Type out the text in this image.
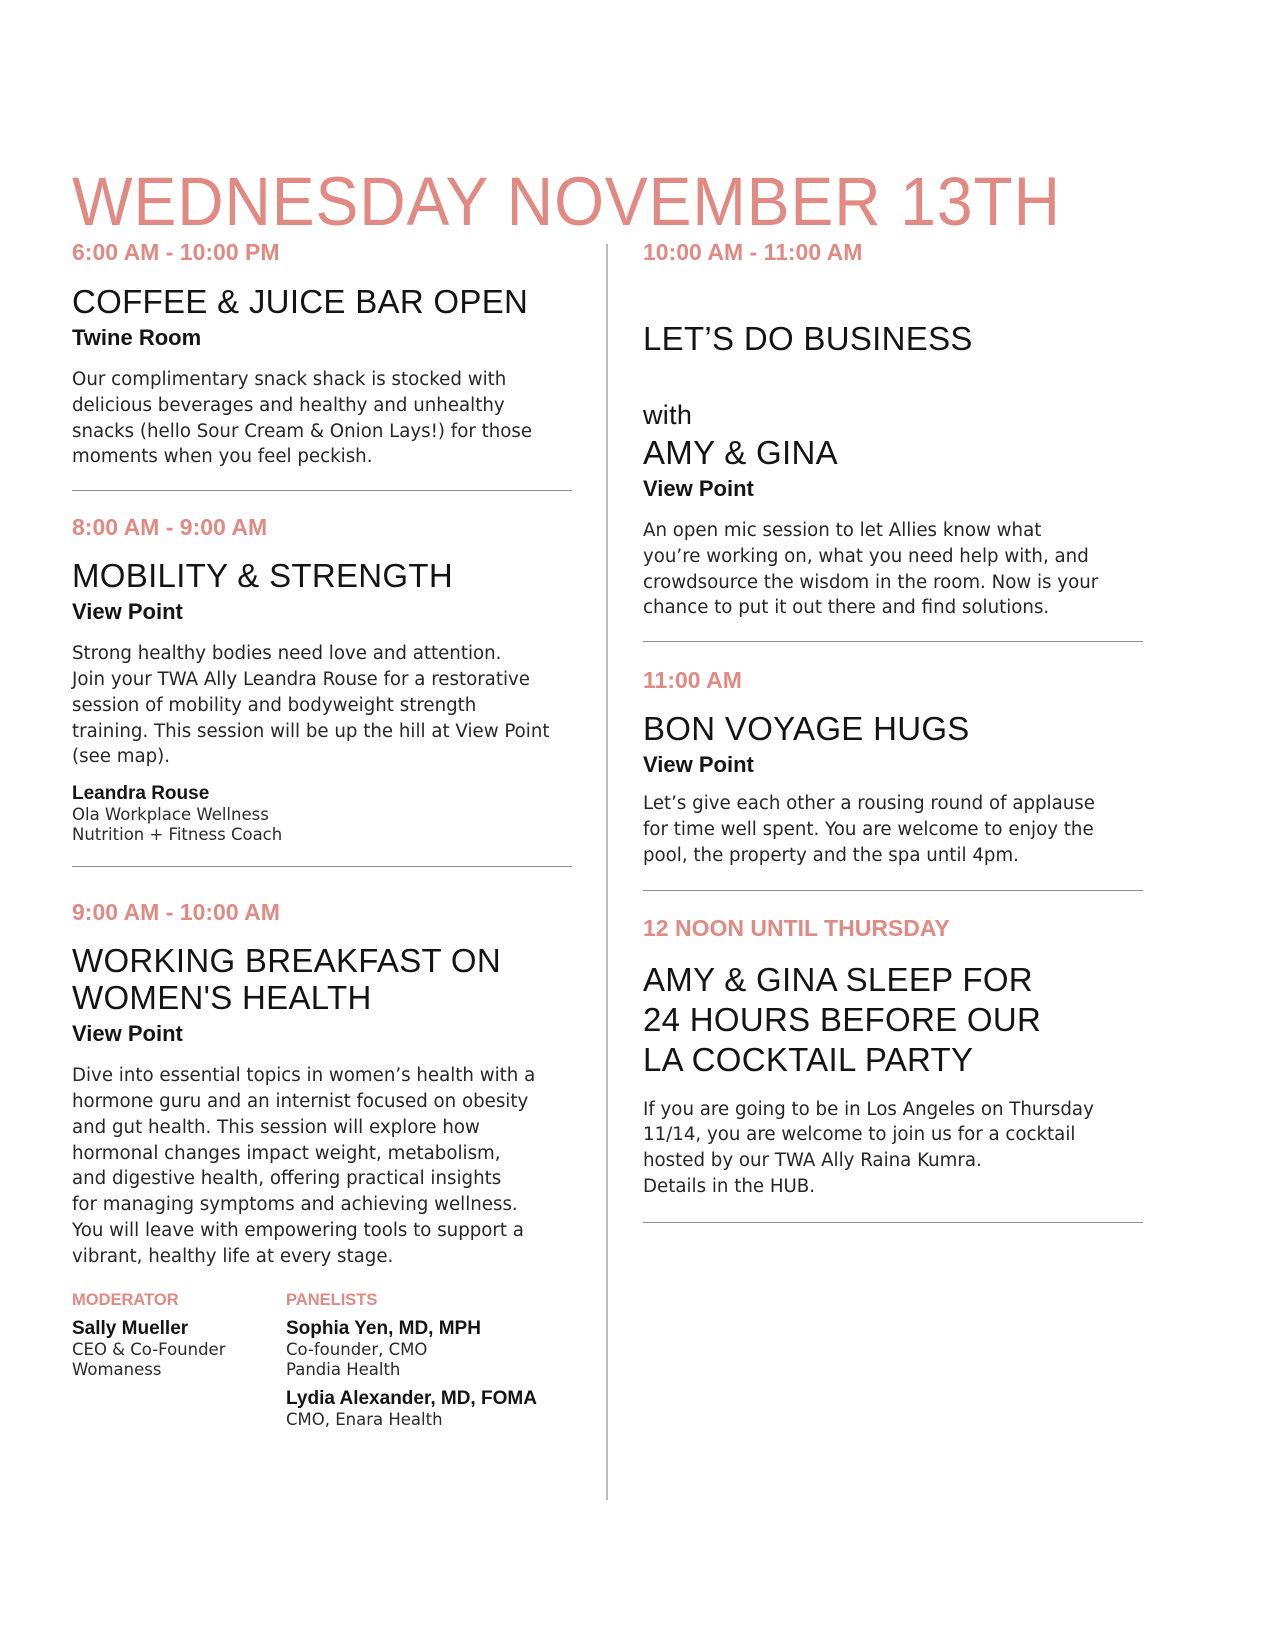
WEDNESDAY NOVEMBER 13TH

6:00 AM - 10:00 PM

COFFEE & JUICE BAR OPEN

Twine Room

Our complimentary snack shack is stocked with
delicious beverages and healthy and unhealthy
snacks (hello Sour Cream & Onion Lays!) for those
moments when you feel peckish.

8:00 AM - 9:00 AM

MOBILITY & STRENGTH

View Point

Strong healthy bodies need love and attention.
Join your TWA Ally Leandra Rouse for a restorative
session of mobility and bodyweight strength
training. This session will be up the hill at View Point
(see map).

Leandra Rouse

Ola Workplace Wellness

Nutrition + Fitness Coach

9:00 AM - 10:00 AM

WORKING BREAKFAST ON
WOMEN'S HEALTH

View Point

Dive into essential topics in women’s health with a
hormone guru and an internist focused on obesity
and gut health. This session will explore how
hormonal changes impact weight, metabolism,
and digestive health, offering practical insights
for managing symptoms and achieving wellness.
You will leave with empowering tools to support a
vibrant, healthy life at every stage.

MODERATOR

Sally Mueller

CEO & Co-Founder

Womaness

PANELISTS

Sophia Yen, MD, MPH

Co-founder, CMO

Pandia Health

Lydia Alexander, MD, FOMA

CMO, Enara Health

10:00 AM - 11:00 AM

LET’S DO BUSINESS

with
AMY & GINA

View Point

An open mic session to let Allies know what
you’re working on, what you need help with, and
crowdsource the wisdom in the room. Now is your
chance to put it out there and find solutions.

11:00 AM

BON VOYAGE HUGS

View Point

Let’s give each other a rousing round of applause
for time well spent. You are welcome to enjoy the
pool, the property and the spa until 4pm.

12 NOON UNTIL THURSDAY

AMY & GINA SLEEP FOR
24 HOURS BEFORE OUR
LA COCKTAIL PARTY

If you are going to be in Los Angeles on Thursday
11/14, you are welcome to join us for a cocktail
hosted by our TWA Ally Raina Kumra.
Details in the HUB.
